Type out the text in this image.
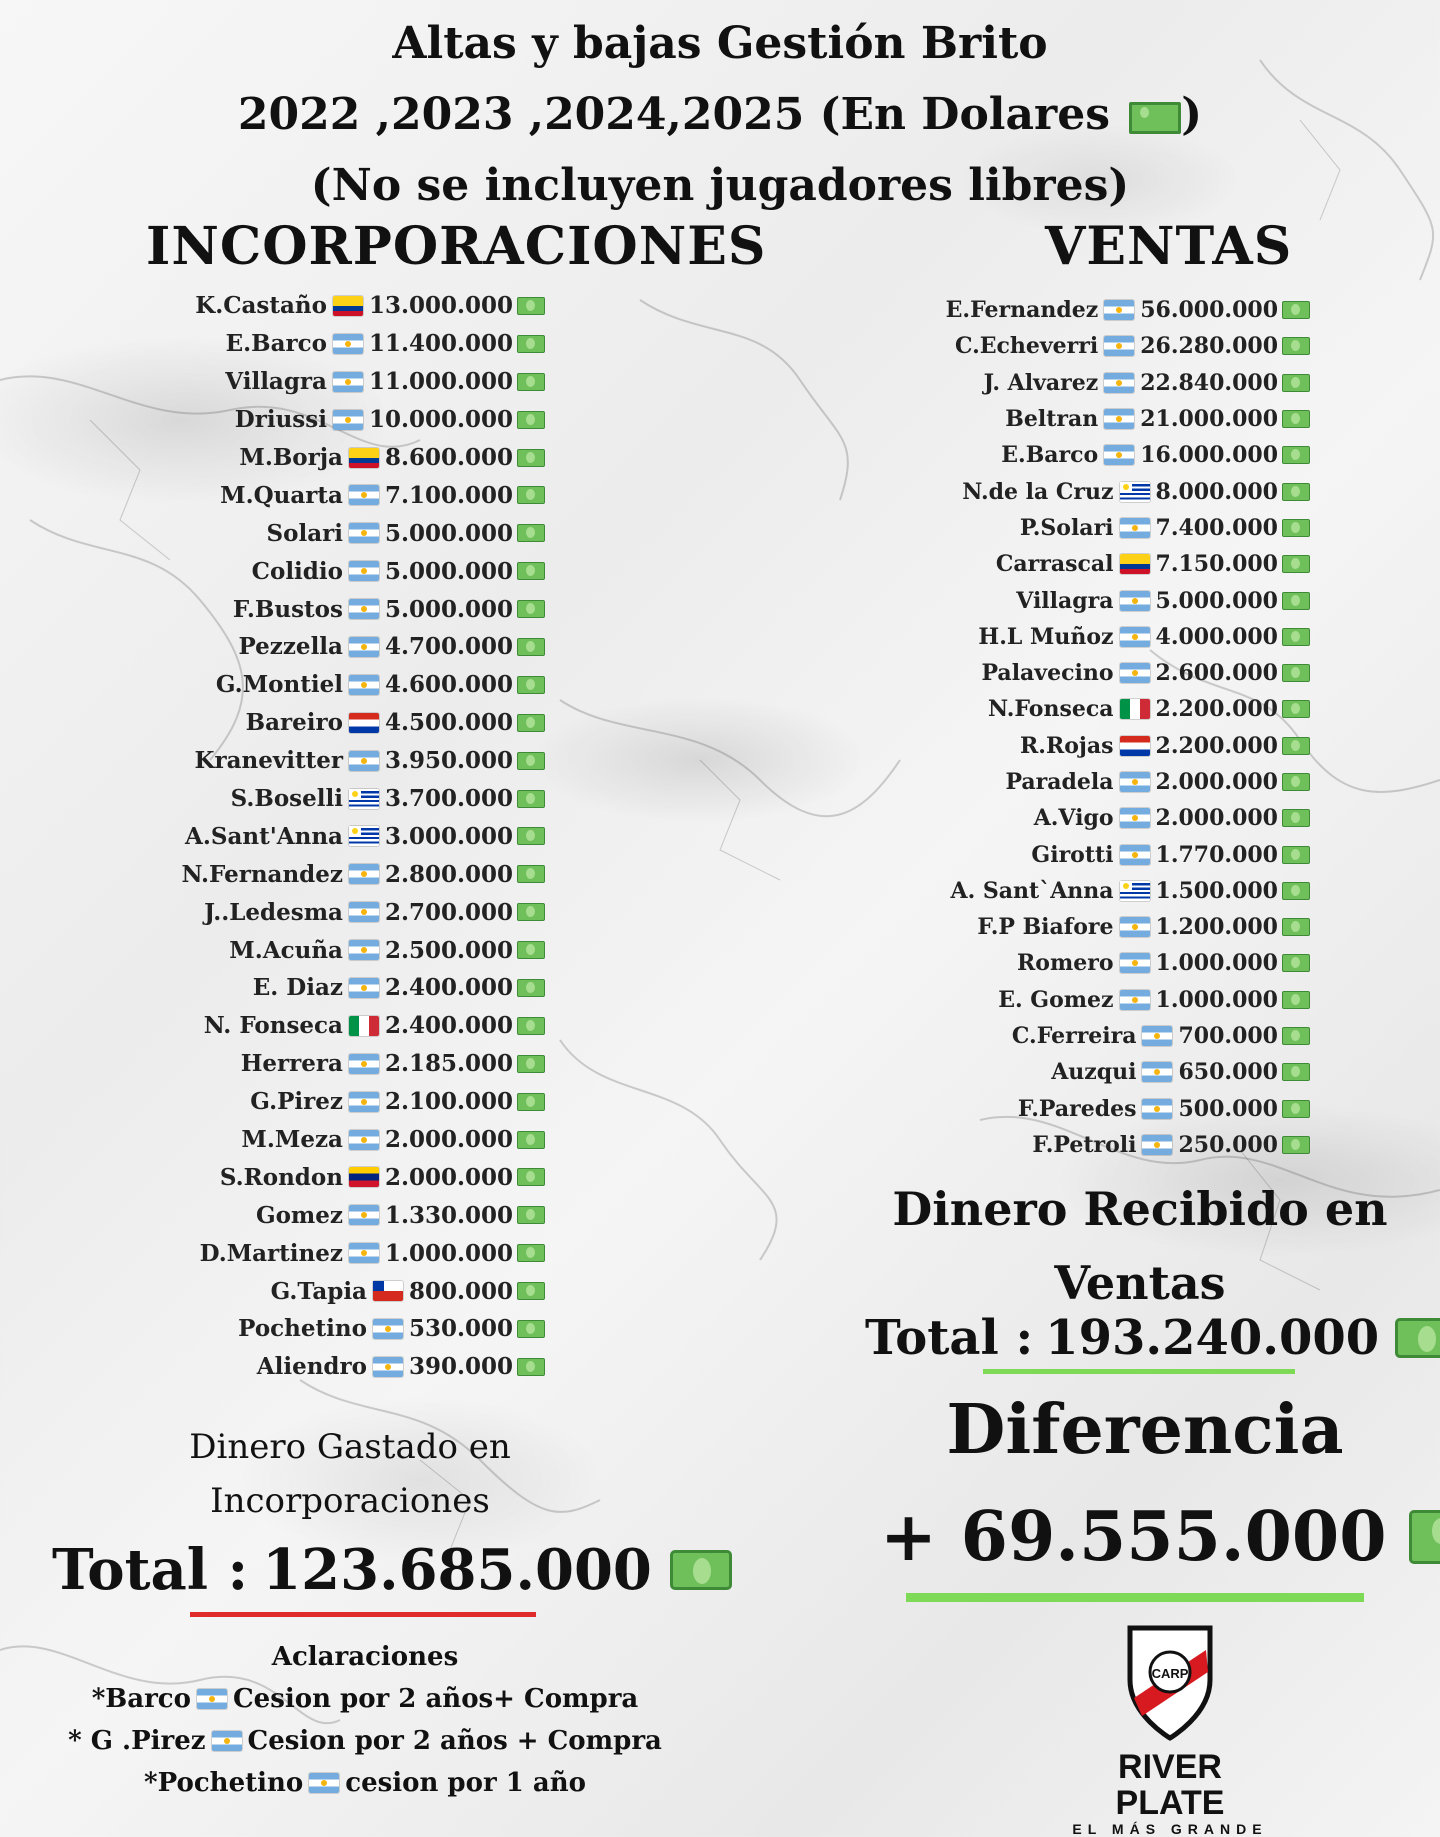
Altas y bajas Gestión Brito
2022 ,2023 ,2024,2025 (En Dolares )
(No se incluyen jugadores libres)
INCORPORACIONES	VENTAS
K.Castaño 13.000.000
E.Barco 11.400.000
Villagra 11.000.000
Driussi 10.000.000
M.Borja 8.600.000
M.Quarta 7.100.000
Solari 5.000.000
Colidio 5.000.000
F.Bustos 5.000.000
Pezzella 4.700.000
G.Montiel 4.600.000
Bareiro 4.500.000
Kranevitter 3.950.000
S.Boselli 3.700.000
A.Sant'Anna 3.000.000
N.Fernandez 2.800.000
J..Ledesma 2.700.000
M.Acuña 2.500.000
E. Diaz 2.400.000
N. Fonseca 2.400.000
Herrera 2.185.000
G.Pirez 2.100.000
M.Meza 2.000.000
S.Rondon 2.000.000
Gomez 1.330.000
D.Martinez 1.000.000
G.Tapia 800.000
Pochetino 530.000
Aliendro 390.000
E.Fernandez 56.000.000
C.Echeverri 26.280.000
J. Alvarez 22.840.000
Beltran 21.000.000
E.Barco 16.000.000
N.de la Cruz 8.000.000
P.Solari 7.400.000
Carrascal 7.150.000
Villagra 5.000.000
H.L Muñoz 4.000.000
Palavecino 2.600.000
N.Fonseca 2.200.000
R.Rojas 2.200.000
Paradela 2.000.000
A.Vigo 2.000.000
Girotti 1.770.000
A. Sant`Anna 1.500.000
F.P Biafore 1.200.000
Romero 1.000.000
E. Gomez 1.000.000
C.Ferreira 700.000
Auzqui 650.000
F.Paredes 500.000
F.Petroli 250.000
Dinero Gastado en
Incorporaciones
Total : 123.685.000
Aclaraciones
*Barco Cesion por 2 años+ Compra
* G .Pirez Cesion por 2 años + Compra
*Pochetino cesion por 1 año
Dinero Recibido en
Ventas
Total : 193.240.000
Diferencia
+ 69.555.000
CARP
RIVER PLATE
EL MÁS GRANDE
